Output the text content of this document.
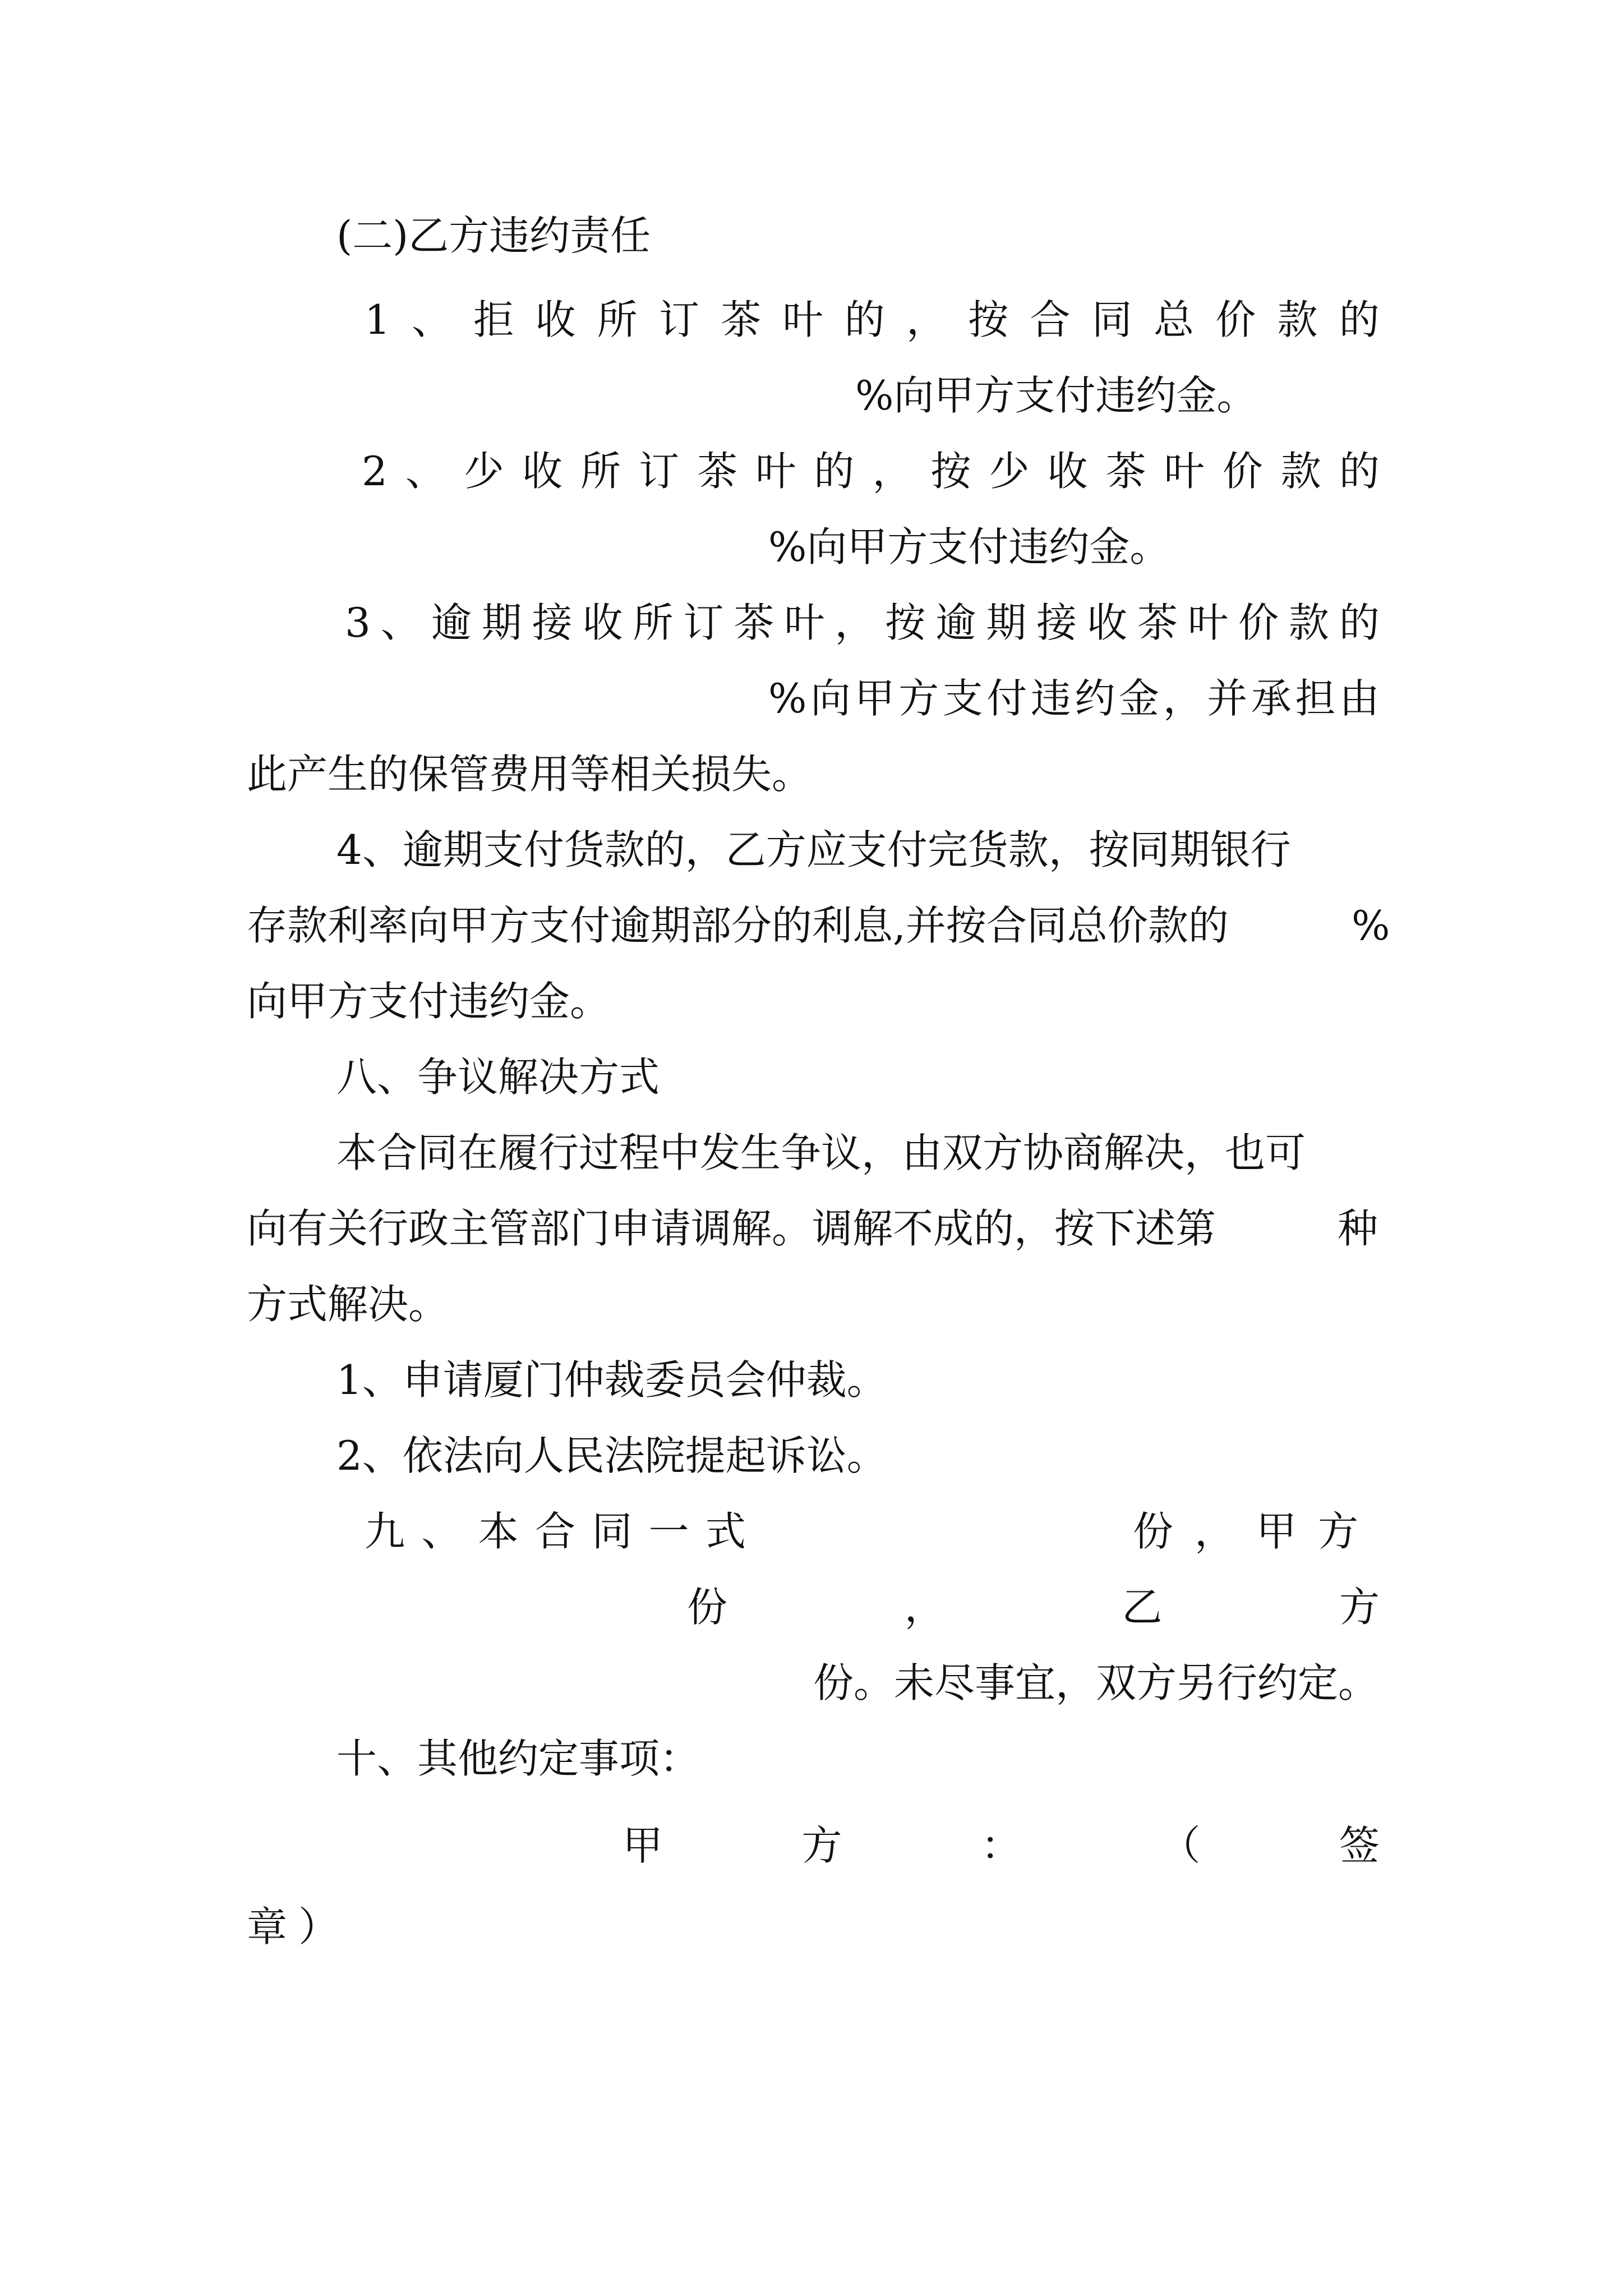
(二)乙方违约责任

1 、 拒 收 所 订 茶 叶 的 ， 按 合 同 总 价 款 的

%向甲方支付违约金。

2 、 少 收 所 订 茶 叶 的 ， 按 少 收 茶 叶 价 款 的

%向甲方支付违约金。

3 、 逾 期 接 收 所 订 茶 叶 ， 按 逾 期 接 收 茶 叶 价 款 的
% 向 甲 方 支 付 违 约 金 ， 并 承 担 由

此产生的保管费用等相关损失。

4、逾期支付货款的，乙方应支付完货款，按同期银行

存款利率向甲方支付逾期部分的利息,并按合同总价款的	%

向甲方支付违约金。

八、争议解决方式

本合同在履行过程中发生争议，由双方协商解决，也可

向有关行政主管部门申请调解。调解不成的，按下述第	种

方式解决。

1、申请厦门仲裁委员会仲裁。

2、依法向人民法院提起诉讼。

九 、 本 合 同 一 式	份，甲方

份	，	乙	方

份。未尽事宜，双方另行约定。

十、其他约定事项：

甲	方	：	（	签

章）
